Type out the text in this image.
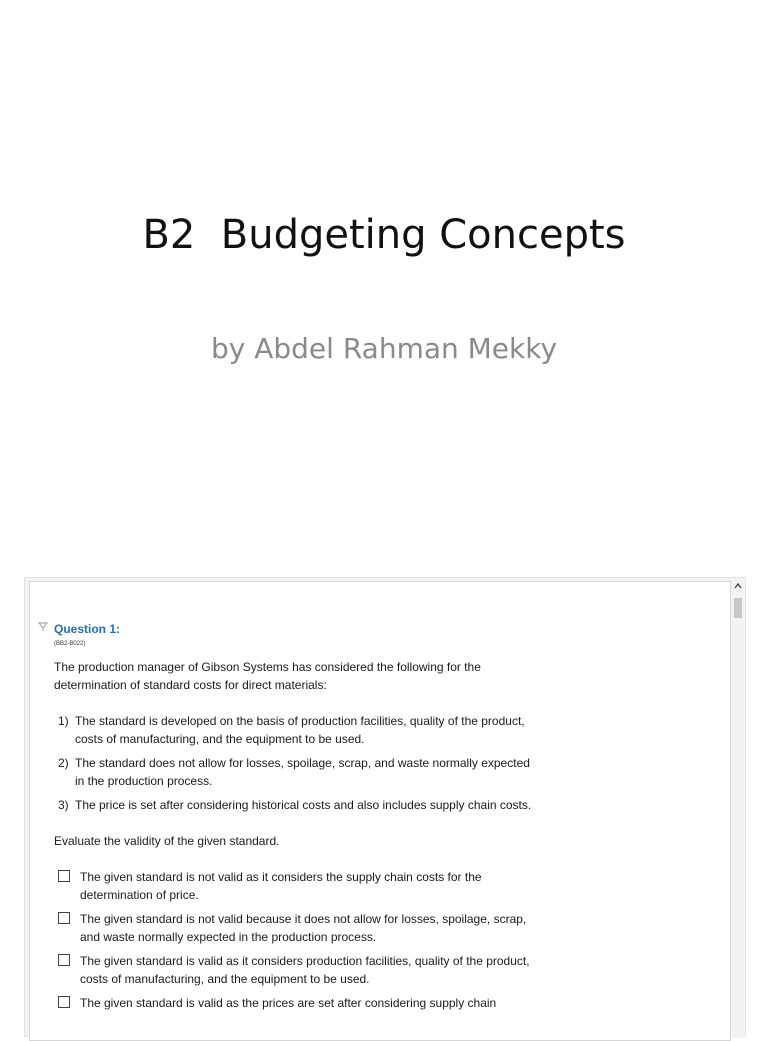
B2  Budgeting Concepts
by Abdel Rahman Mekky
Question 1:
(BB2-B022)

The production manager of Gibson Systems has considered the following for the determination of standard costs for direct materials:

1) The standard is developed on the basis of production facilities, quality of the product, costs of manufacturing, and the equipment to be used.
2) The standard does not allow for losses, spoilage, scrap, and waste normally expected in the production process.
3) The price is set after considering historical costs and also includes supply chain costs.

Evaluate the validity of the given standard.

The given standard is not valid as it considers the supply chain costs for the determination of price.
The given standard is not valid because it does not allow for losses, spoilage, scrap, and waste normally expected in the production process.
The given standard is valid as it considers production facilities, quality of the product, costs of manufacturing, and the equipment to be used.
The given standard is valid as the prices are set after considering supply chain
